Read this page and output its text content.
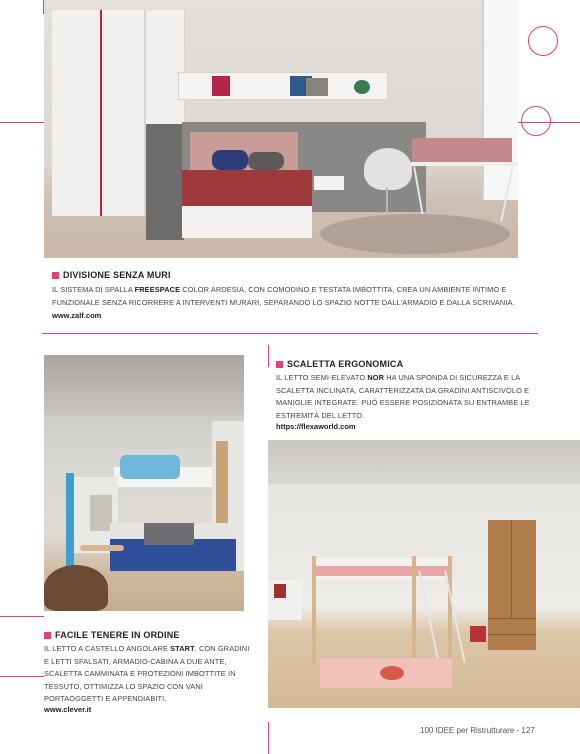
DIVISIONE SENZA MURI
IL SISTEMA DI SPALLA FREESPACE COLOR ARDESIA, CON COMODINO E TESTATA IMBOTTITA, CREA UN AMBIENTE INTIMO E FUNZIONALE SENZA RICORRERE A INTERVENTI MURARI, SEPARANDO LO SPAZIO NOTTE DALL'ARMADIO E DALLA SCRIVANIA.
www.zalf.com
FACILE TENERE IN ORDINE
IL LETTO A CASTELLO ANGOLARE START, CON GRADINI E LETTI SFALSATI, ARMADIO-CABINA A DUE ANTE, SCALETTA CAMMINATA E PROTEZIONI IMBOTTITE IN TESSUTO, OTTIMIZZA LO SPAZIO CON VANI PORTAOGGETTI E APPENDIABITI.
www.clever.it
SCALETTA ERGONOMICA
IL LETTO SEMI-ELEVATO NOR HA UNA SPONDA DI SICUREZZA E LA SCALETTA INCLINATA, CARATTERIZZATA DA GRADINI ANTISCIVOLO E MANIGLIE INTEGRATE. PUÒ ESSERE POSIZIONATA SU ENTRAMBE LE ESTREMITÀ DEL LETTO.
https://flexaworld.com
100 IDEE per Ristrutturare - 127
